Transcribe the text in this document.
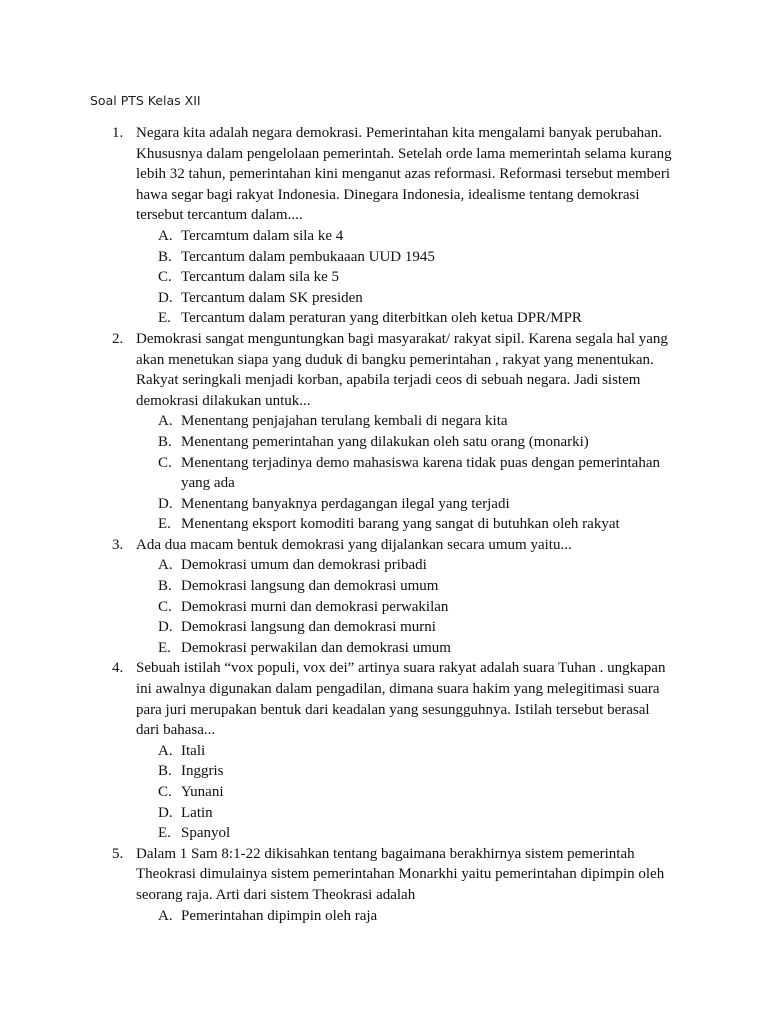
Soal PTS Kelas XII
1. Negara kita adalah negara demokrasi. Pemerintahan kita mengalami banyak perubahan. Khususnya dalam pengelolaan pemerintah. Setelah orde lama memerintah selama kurang lebih 32 tahun, pemerintahan kini menganut azas reformasi. Reformasi tersebut memberi hawa segar bagi rakyat Indonesia. Dinegara Indonesia, idealisme tentang demokrasi tersebut tercantum dalam....
A. Tercamtum dalam sila ke 4
B. Tercantum dalam pembukaaan UUD 1945
C. Tercantum dalam sila ke 5
D. Tercantum dalam SK presiden
E. Tercantum dalam peraturan yang diterbitkan oleh ketua DPR/MPR
2. Demokrasi sangat menguntungkan bagi masyarakat/ rakyat sipil. Karena segala hal yang akan menetukan siapa yang duduk di bangku pemerintahan , rakyat yang menentukan. Rakyat seringkali menjadi korban, apabila terjadi ceos di sebuah negara. Jadi sistem demokrasi dilakukan untuk...
A. Menentang penjajahan terulang kembali di negara kita
B. Menentang pemerintahan yang dilakukan oleh satu orang (monarki)
C. Menentang terjadinya demo mahasiswa karena tidak puas dengan pemerintahan yang ada
D. Menentang banyaknya perdagangan ilegal yang terjadi
E. Menentang eksport komoditi barang yang sangat di butuhkan oleh rakyat
3. Ada dua macam bentuk demokrasi yang dijalankan secara umum yaitu...
A. Demokrasi umum dan demokrasi pribadi
B. Demokrasi langsung dan demokrasi umum
C. Demokrasi murni dan demokrasi perwakilan
D. Demokrasi langsung dan demokrasi murni
E. Demokrasi perwakilan dan demokrasi umum
4. Sebuah istilah “vox populi, vox dei” artinya suara rakyat adalah suara Tuhan . ungkapan ini awalnya digunakan dalam pengadilan, dimana suara hakim yang melegitimasi suara para juri merupakan bentuk dari keadalan yang sesungguhnya. Istilah tersebut berasal dari bahasa...
A. Itali
B. Inggris
C. Yunani
D. Latin
E. Spanyol
5. Dalam 1 Sam 8:1-22 dikisahkan tentang bagaimana berakhirnya sistem pemerintah Theokrasi dimulainya sistem pemerintahan Monarkhi yaitu pemerintahan dipimpin oleh seorang raja. Arti dari sistem Theokrasi adalah
A. Pemerintahan dipimpin oleh raja
